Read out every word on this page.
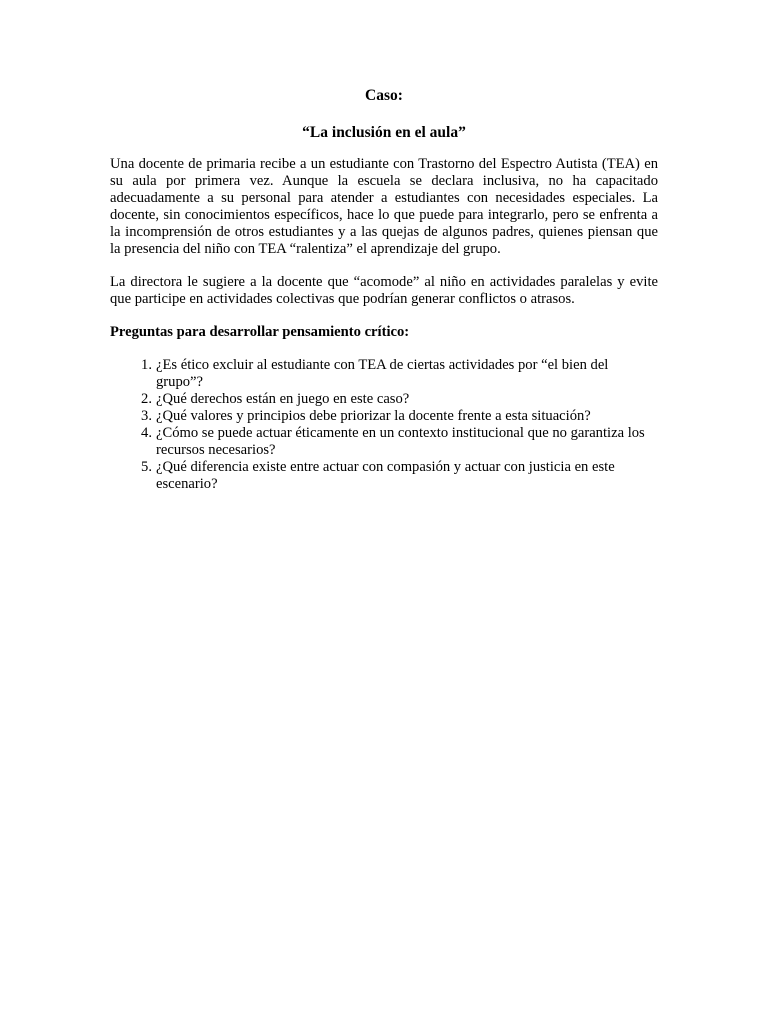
Caso:

“La inclusión en el aula”

Una docente de primaria recibe a un estudiante con Trastorno del Espectro Autista (TEA) en su aula por primera vez. Aunque la escuela se declara inclusiva, no ha capacitado adecuadamente a su personal para atender a estudiantes con necesidades especiales. La docente, sin conocimientos específicos, hace lo que puede para integrarlo, pero se enfrenta a la incomprensión de otros estudiantes y a las quejas de algunos padres, quienes piensan que la presencia del niño con TEA “ralentiza” el aprendizaje del grupo.

La directora le sugiere a la docente que “acomode” al niño en actividades paralelas y evite que participe en actividades colectivas que podrían generar conflictos o atrasos.

Preguntas para desarrollar pensamiento crítico:

1. ¿Es ético excluir al estudiante con TEA de ciertas actividades por “el bien del grupo”?
2. ¿Qué derechos están en juego en este caso?
3. ¿Qué valores y principios debe priorizar la docente frente a esta situación?
4. ¿Cómo se puede actuar éticamente en un contexto institucional que no garantiza los recursos necesarios?
5. ¿Qué diferencia existe entre actuar con compasión y actuar con justicia en este escenario?
